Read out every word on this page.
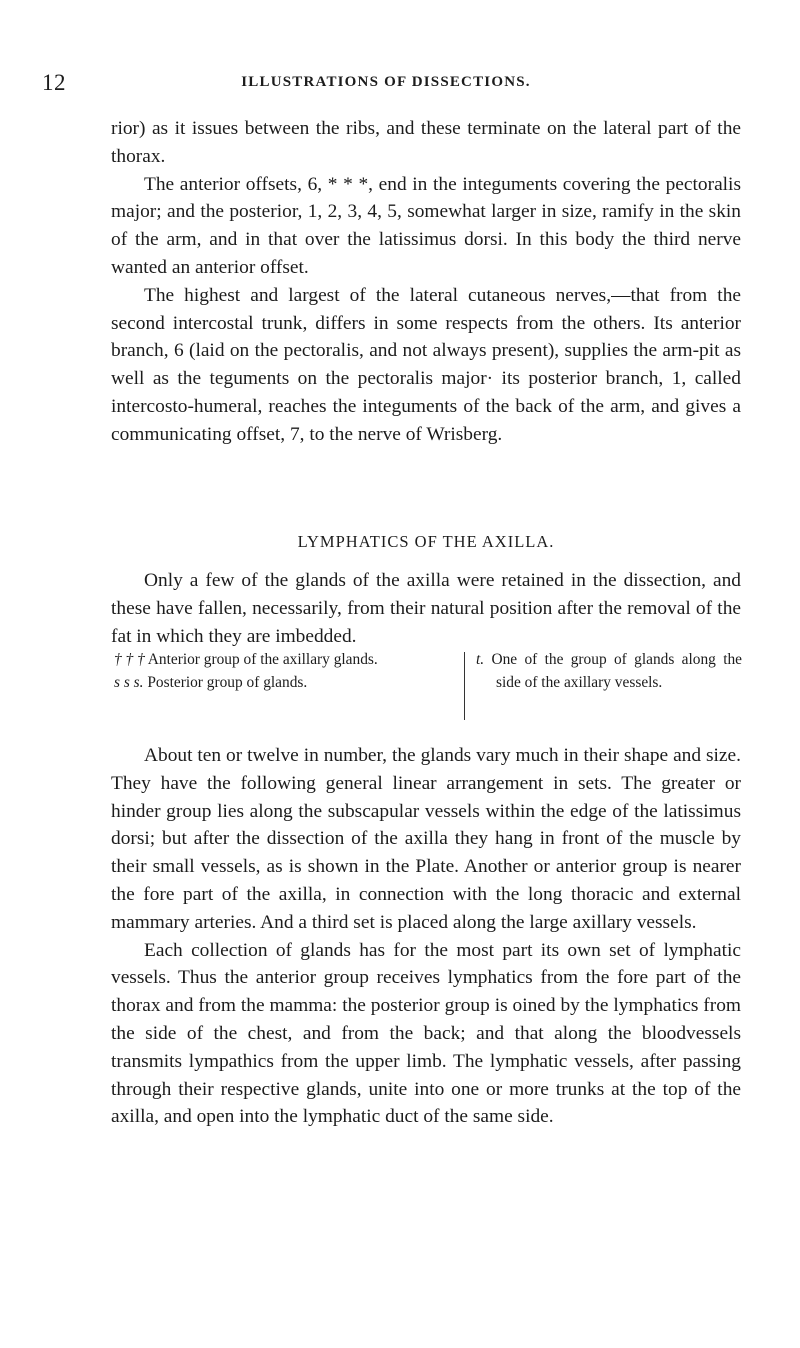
12	ILLUSTRATIONS OF DISSECTIONS.

rior) as it issues between the ribs, and these terminate on the lateral part of the thorax.

The anterior offsets, 6, * * *, end in the integuments covering the pectoralis major; and the posterior, 1, 2, 3, 4, 5, somewhat larger in size, ramify in the skin of the arm, and in that over the latissimus dorsi. In this body the third nerve wanted an anterior offset.

The highest and largest of the lateral cutaneous nerves,—that from the second intercostal trunk, differs in some respects from the others. Its anterior branch, 6 (laid on the pectoralis, and not always present), supplies the arm-pit as well as the teguments on the pectoralis major· its posterior branch, 1, called intercosto-humeral, reaches the integuments of the back of the arm, and gives a communicating offset, 7, to the nerve of Wrisberg.

LYMPHATICS OF THE AXILLA.

Only a few of the glands of the axilla were retained in the dissection, and these have fallen, necessarily, from their natural position after the removal of the fat in which they are imbedded.

† † † Anterior group of the axillary glands.
s s s. Posterior group of glands.
t. One of the group of glands along the side of the axillary vessels.

About ten or twelve in number, the glands vary much in their shape and size. They have the following general linear arrangement in sets. The greater or hinder group lies along the subscapular vessels within the edge of the latissimus dorsi; but after the dissection of the axilla they hang in front of the muscle by their small vessels, as is shown in the Plate. Another or anterior group is nearer the fore part of the axilla, in connection with the long thoracic and external mammary arteries. And a third set is placed along the large axillary vessels.

Each collection of glands has for the most part its own set of lymphatic vessels. Thus the anterior group receives lymphatics from the fore part of the thorax and from the mamma: the posterior group is oined by the lymphatics from the side of the chest, and from the back; and that along the bloodvessels transmits lympathics from the upper limb. The lymphatic vessels, after passing through their respective glands, unite into one or more trunks at the top of the axilla, and open into the lymphatic duct of the same side.
